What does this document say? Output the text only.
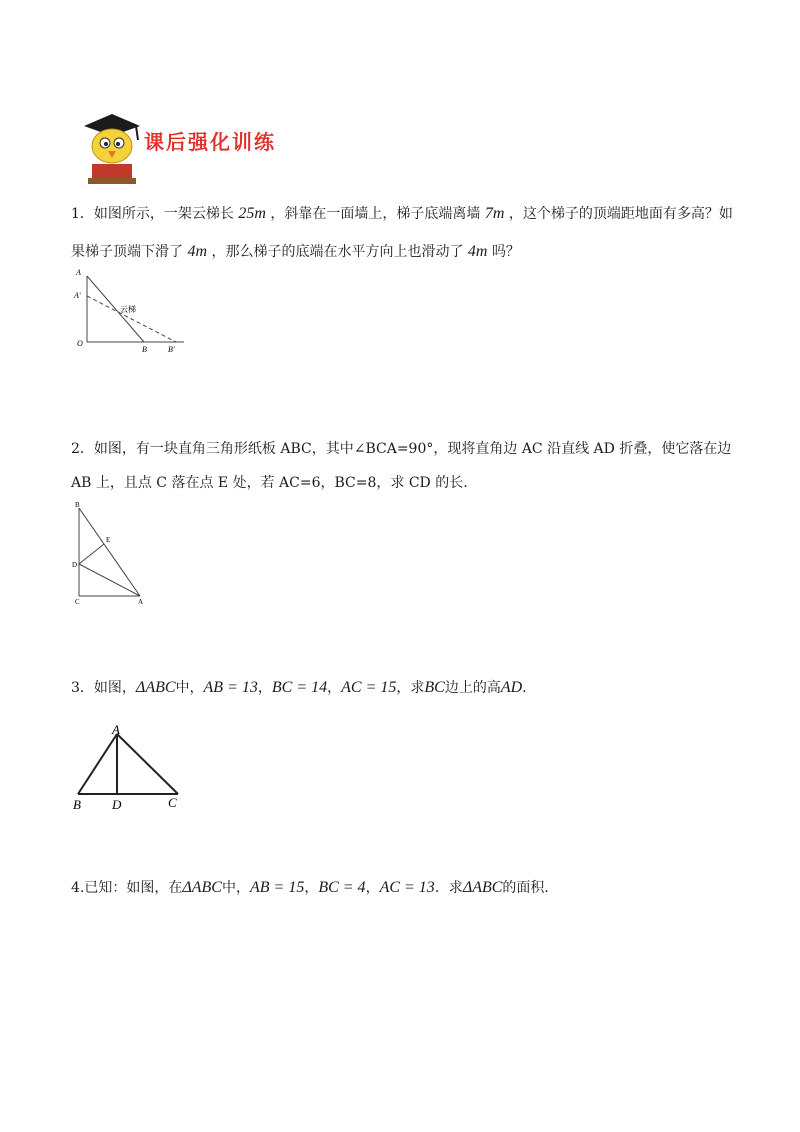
课后强化训练
1．如图所示，一架云梯长 25m ，斜靠在一面墙上，梯子底端离墙 7m ，这个梯子的顶端距地面有多高？如
果梯子顶端下滑了 4m ，那么梯子的底端在水平方向上也滑动了 4m 吗？
A
A'
O
B	B'
云梯
2．如图，有一块直角三角形纸板 ABC，其中∠BCA=90°，现将直角边 AC 沿直线 AD 折叠，使它落在边
AB 上，且点 C 落在点 E 处，若 AC=6，BC=8，求 CD 的长.
B
E
D
C	A
3．如图，ΔABC中，AB = 13，BC = 14，AC = 15，求BC边上的高AD.
A
B D	C
4.已知：如图，在ΔABC中，AB = 15，BC = 4，AC = 13．求ΔABC的面积．
